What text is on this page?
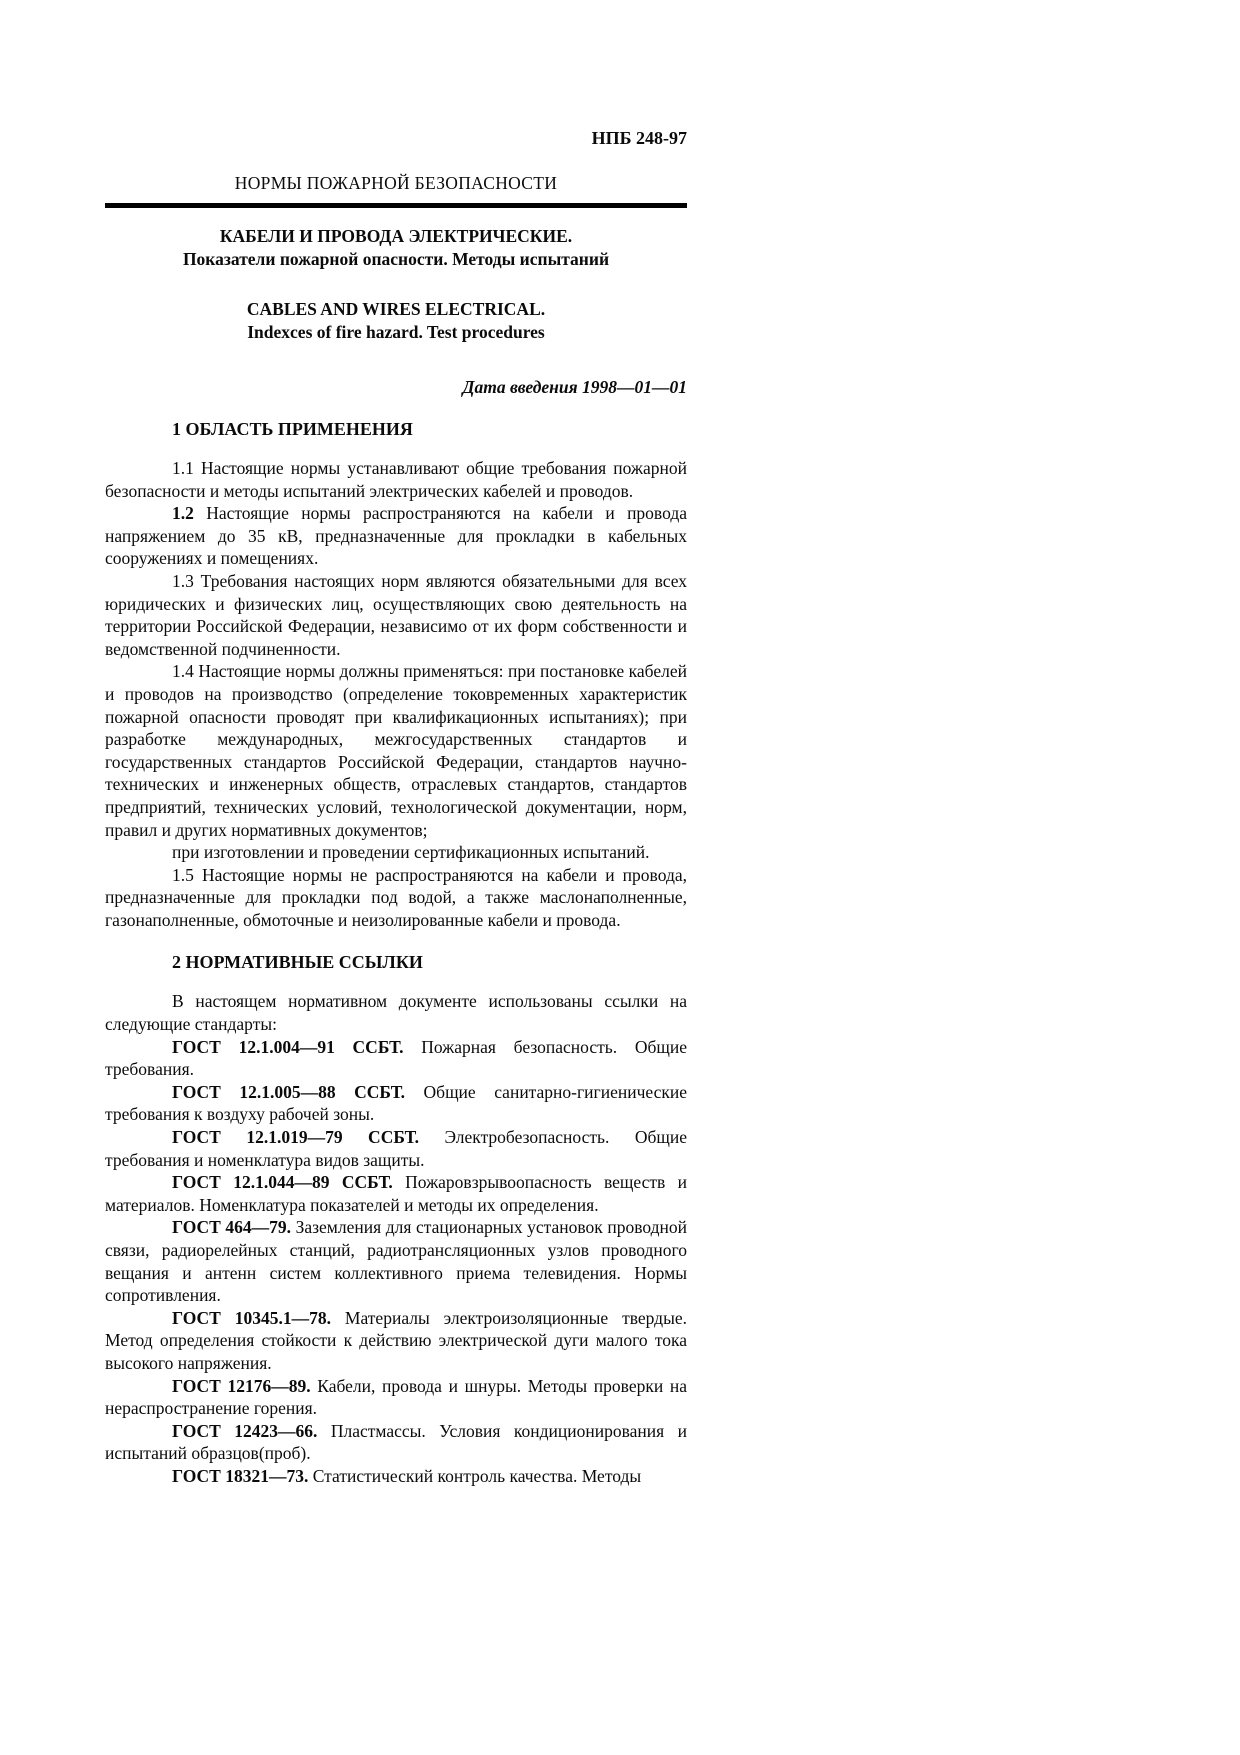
НПБ 248-97
НОРМЫ ПОЖАРНОЙ БЕЗОПАСНОСТИ
КАБЕЛИ И ПРОВОДА ЭЛЕКТРИЧЕСКИЕ.
Показатели пожарной опасности. Методы испытаний
CABLES AND WIRES ELECTRICAL.
Indexces of fire hazard. Test procedures
Дата введения 1998—01—01
1 ОБЛАСТЬ ПРИМЕНЕНИЯ

1.1 Настоящие нормы устанавливают общие требования пожарной безопасности и методы испытаний электрических кабелей и проводов.

1.2 Настоящие нормы распространяются на кабели и провода напряжением до 35 кВ, предназначенные для прокладки в кабельных сооружениях и помещениях.

1.3 Требования настоящих норм являются обязательными для всех юридических и физических лиц, осуществляющих свою деятельность на территории Российской Федерации, независимо от их форм собственности и ведомственной подчиненности.

1.4 Настоящие нормы должны применяться: при постановке кабелей и проводов на производство (определение токовременных характеристик пожарной опасности проводят при квалификационных испытаниях); при разработке международных, межгосударственных стандартов и государственных стандартов Российской Федерации, стандартов научно-технических и инженерных обществ, отраслевых стандартов, стандартов предприятий, технических условий, технологической документации, норм, правил и других нормативных документов;

при изготовлении и проведении сертификационных испытаний.

1.5 Настоящие нормы не распространяются на кабели и провода, предназначенные для прокладки под водой, а также маслонаполненные, газонаполненные, обмоточные и неизолированные кабели и провода.

2 НОРМАТИВНЫЕ ССЫЛКИ

В настоящем нормативном документе использованы ссылки на следующие стандарты:

ГОСТ 12.1.004—91 ССБТ. Пожарная безопасность. Общие требования.

ГОСТ 12.1.005—88 ССБТ. Общие санитарно-гигиенические требования к воздуху рабочей зоны.

ГОСТ 12.1.019—79 ССБТ. Электробезопасность. Общие требования и номенклатура видов защиты.

ГОСТ 12.1.044—89 ССБТ. Пожаровзрывоопасность веществ и материалов. Номенклатура показателей и методы их определения.

ГОСТ 464—79. Заземления для стационарных установок проводной связи, радиорелейных станций, радиотрансляционных узлов проводного вещания и антенн систем коллективного приема телевидения. Нормы сопротивления.

ГОСТ 10345.1—78. Материалы электроизоляционные твердые. Метод определения стойкости к действию электрической дуги малого тока высокого напряжения.

ГОСТ 12176—89. Кабели, провода и шнуры. Методы проверки на нераспространение горения.

ГОСТ 12423—66. Пластмассы. Условия кондиционирования и испытаний образцов(проб).

ГОСТ 18321—73. Статистический контроль качества. Методы
